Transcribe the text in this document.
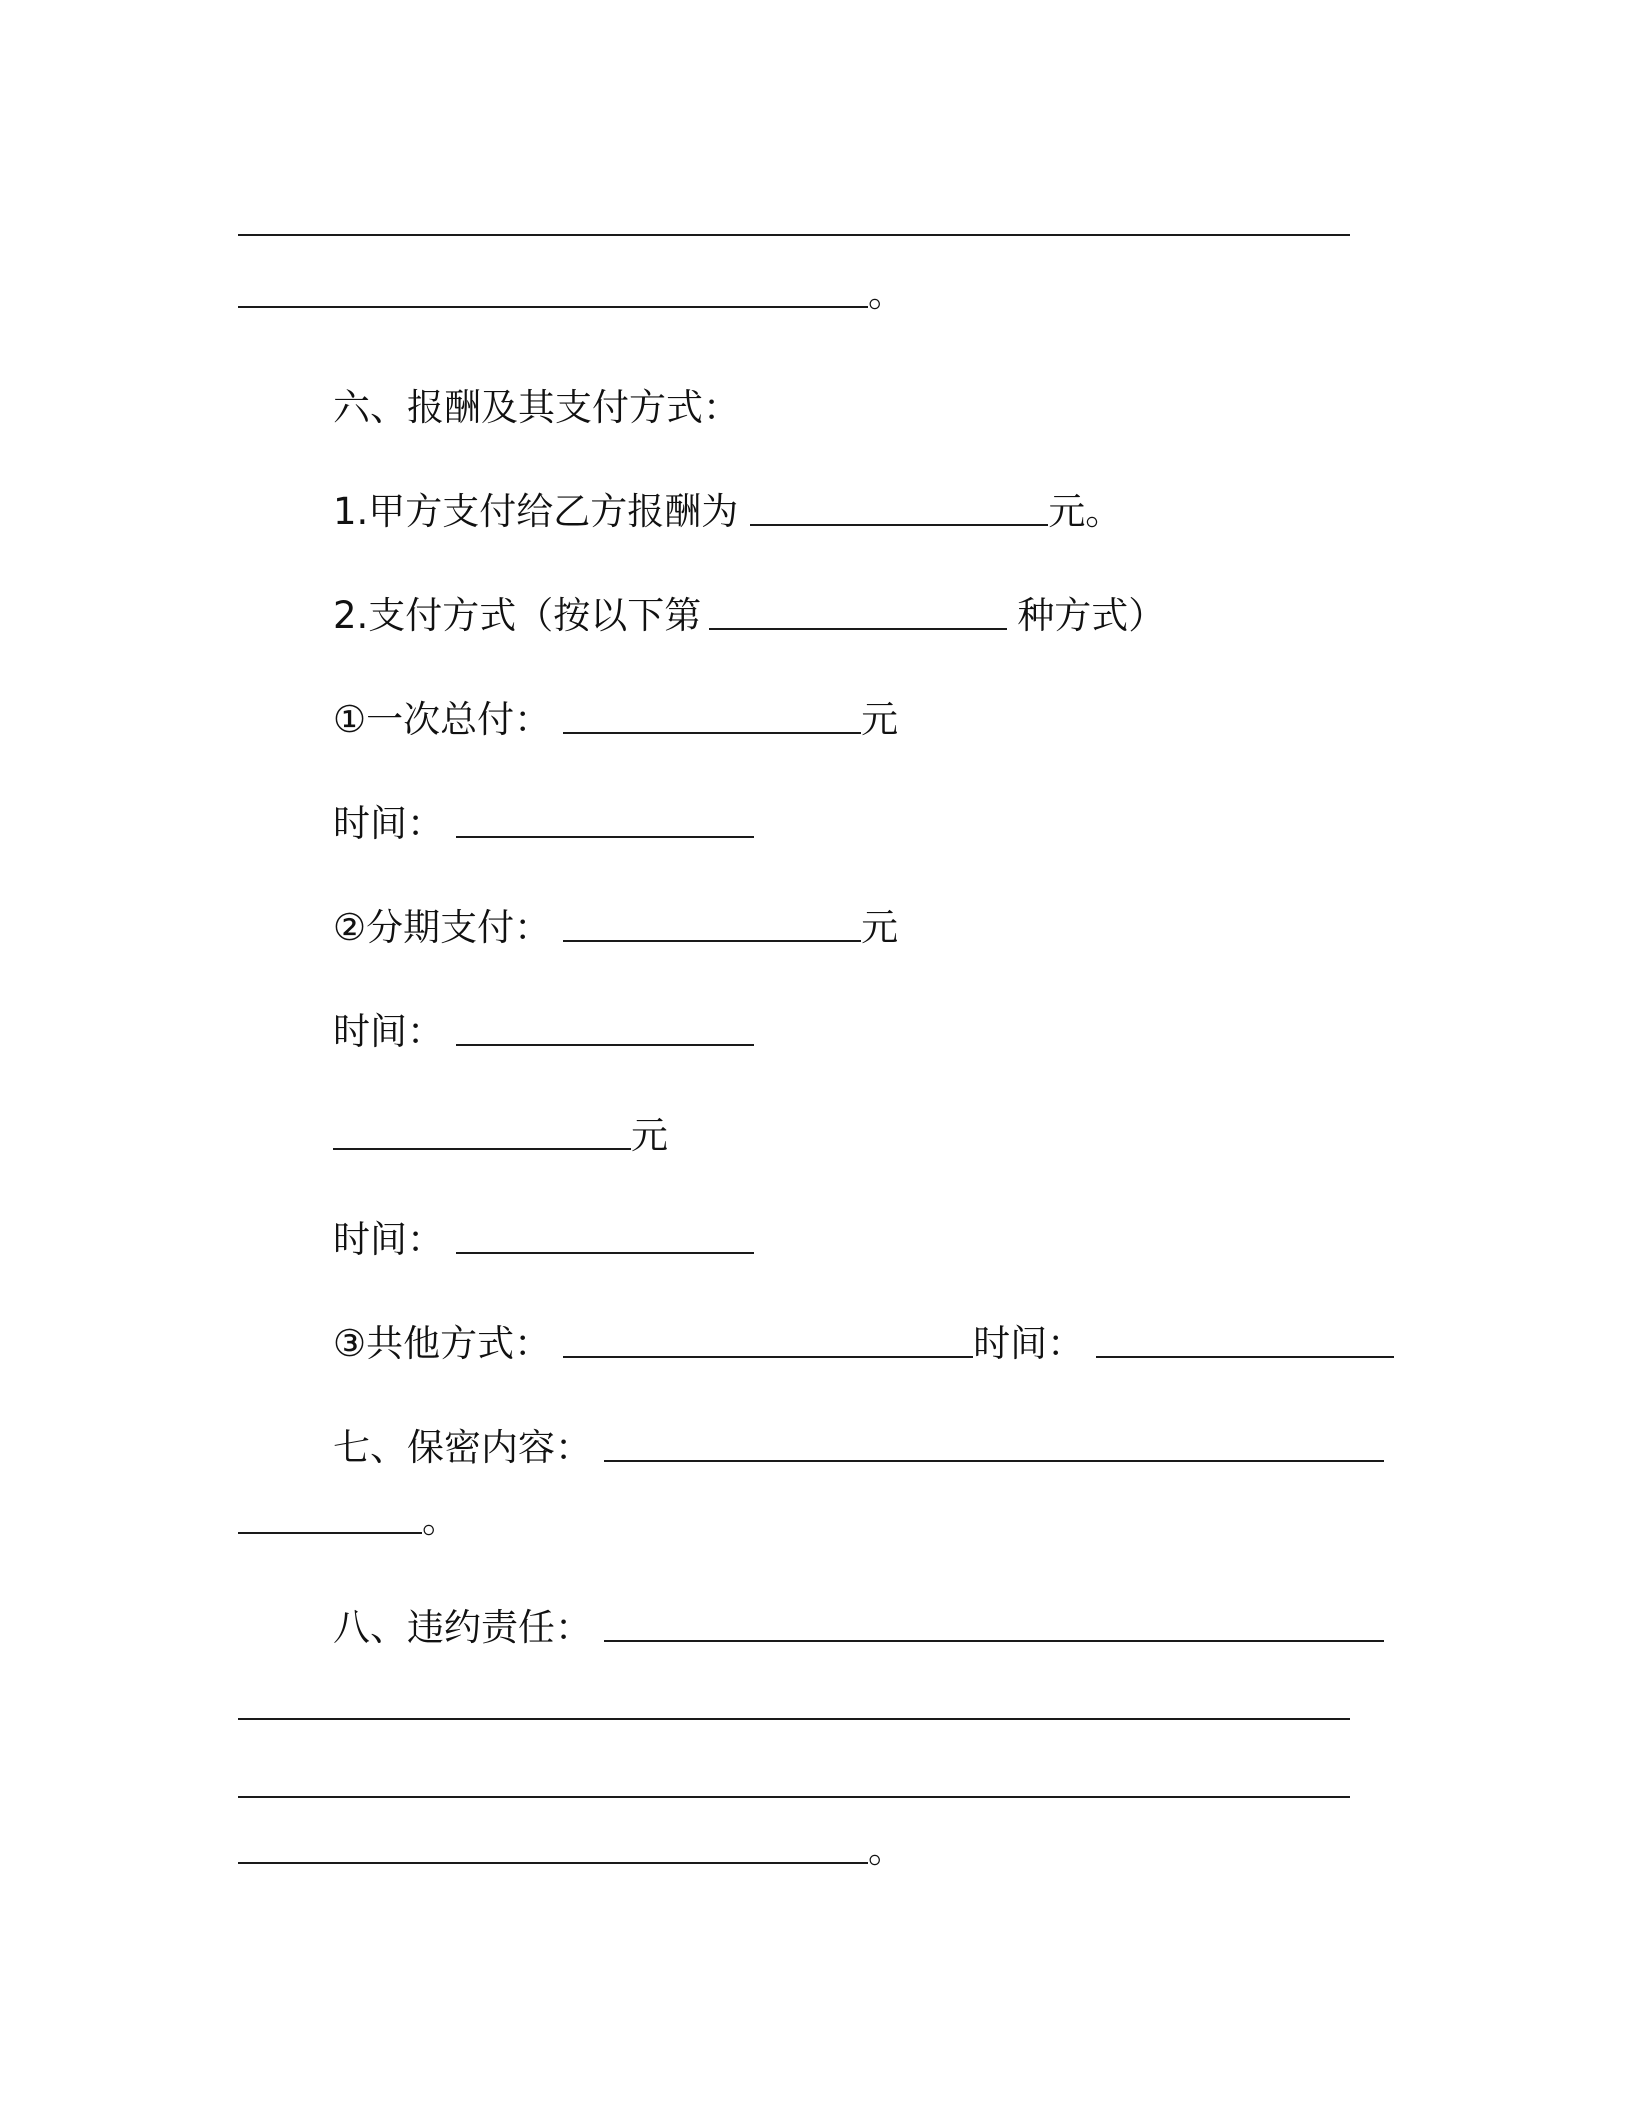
。
六、报酬及其支付方式：
1.甲方支付给乙方报酬为	元。
2.支付方式（按以下第	种方式）
①一次总付：	元
时间：
②分期支付：	元
时间：
元
时间：
③共他方式：	时间：
七、保密内容：
。
八、违约责任：
。
